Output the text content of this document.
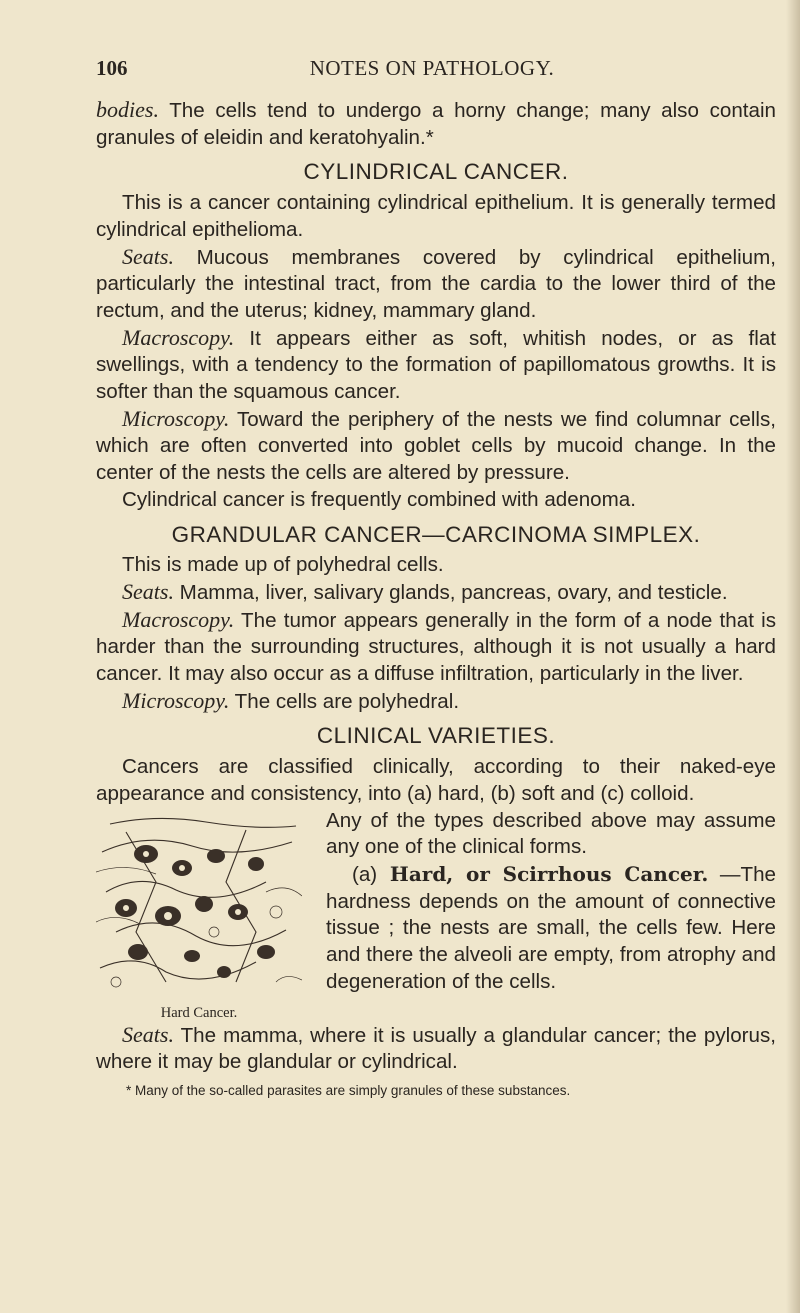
106	NOTES ON PATHOLOGY.

bodies. The cells tend to undergo a horny change; many also contain granules of eleidin and keratohyalin.*

CYLINDRICAL CANCER.

This is a cancer containing cylindrical epithelium. It is generally termed cylindrical epithelioma.

Seats. Mucous membranes covered by cylindrical epithelium, particularly the intestinal tract, from the cardia to the lower third of the rectum, and the uterus; kidney, mammary gland.

Macroscopy. It appears either as soft, whitish nodes, or as flat swellings, with a tendency to the formation of papillomatous growths. It is softer than the squamous cancer.

Microscopy. Toward the periphery of the nests we find columnar cells, which are often converted into goblet cells by mucoid change. In the center of the nests the cells are altered by pressure.

Cylindrical cancer is frequently combined with adenoma.

GRANDULAR CANCER—CARCINOMA SIMPLEX.

This is made up of polyhedral cells.

Seats. Mamma, liver, salivary glands, pancreas, ovary, and testicle.

Macroscopy. The tumor appears generally in the form of a node that is harder than the surrounding structures, although it is not usually a hard cancer. It may also occur as a diffuse infiltration, particularly in the liver.

Microscopy. The cells are polyhedral.

CLINICAL VARIETIES.

Cancers are classified clinically, according to their naked-eye appearance and consistency, into (a) hard, (b) soft and (c) colloid.

Hard Cancer.

Any of the types described above may assume any one of the clinical forms.

(a) Hard, or Scirrhous Cancer. —The hardness depends on the amount of connective tissue ; the nests are small, the cells few. Here and there the alveoli are empty, from atrophy and degeneration of the cells.

Seats. The mamma, where it is usually a glandular cancer; the pylorus, where it may be glandular or cylindrical.

* Many of the so-called parasites are simply granules of these substances.
